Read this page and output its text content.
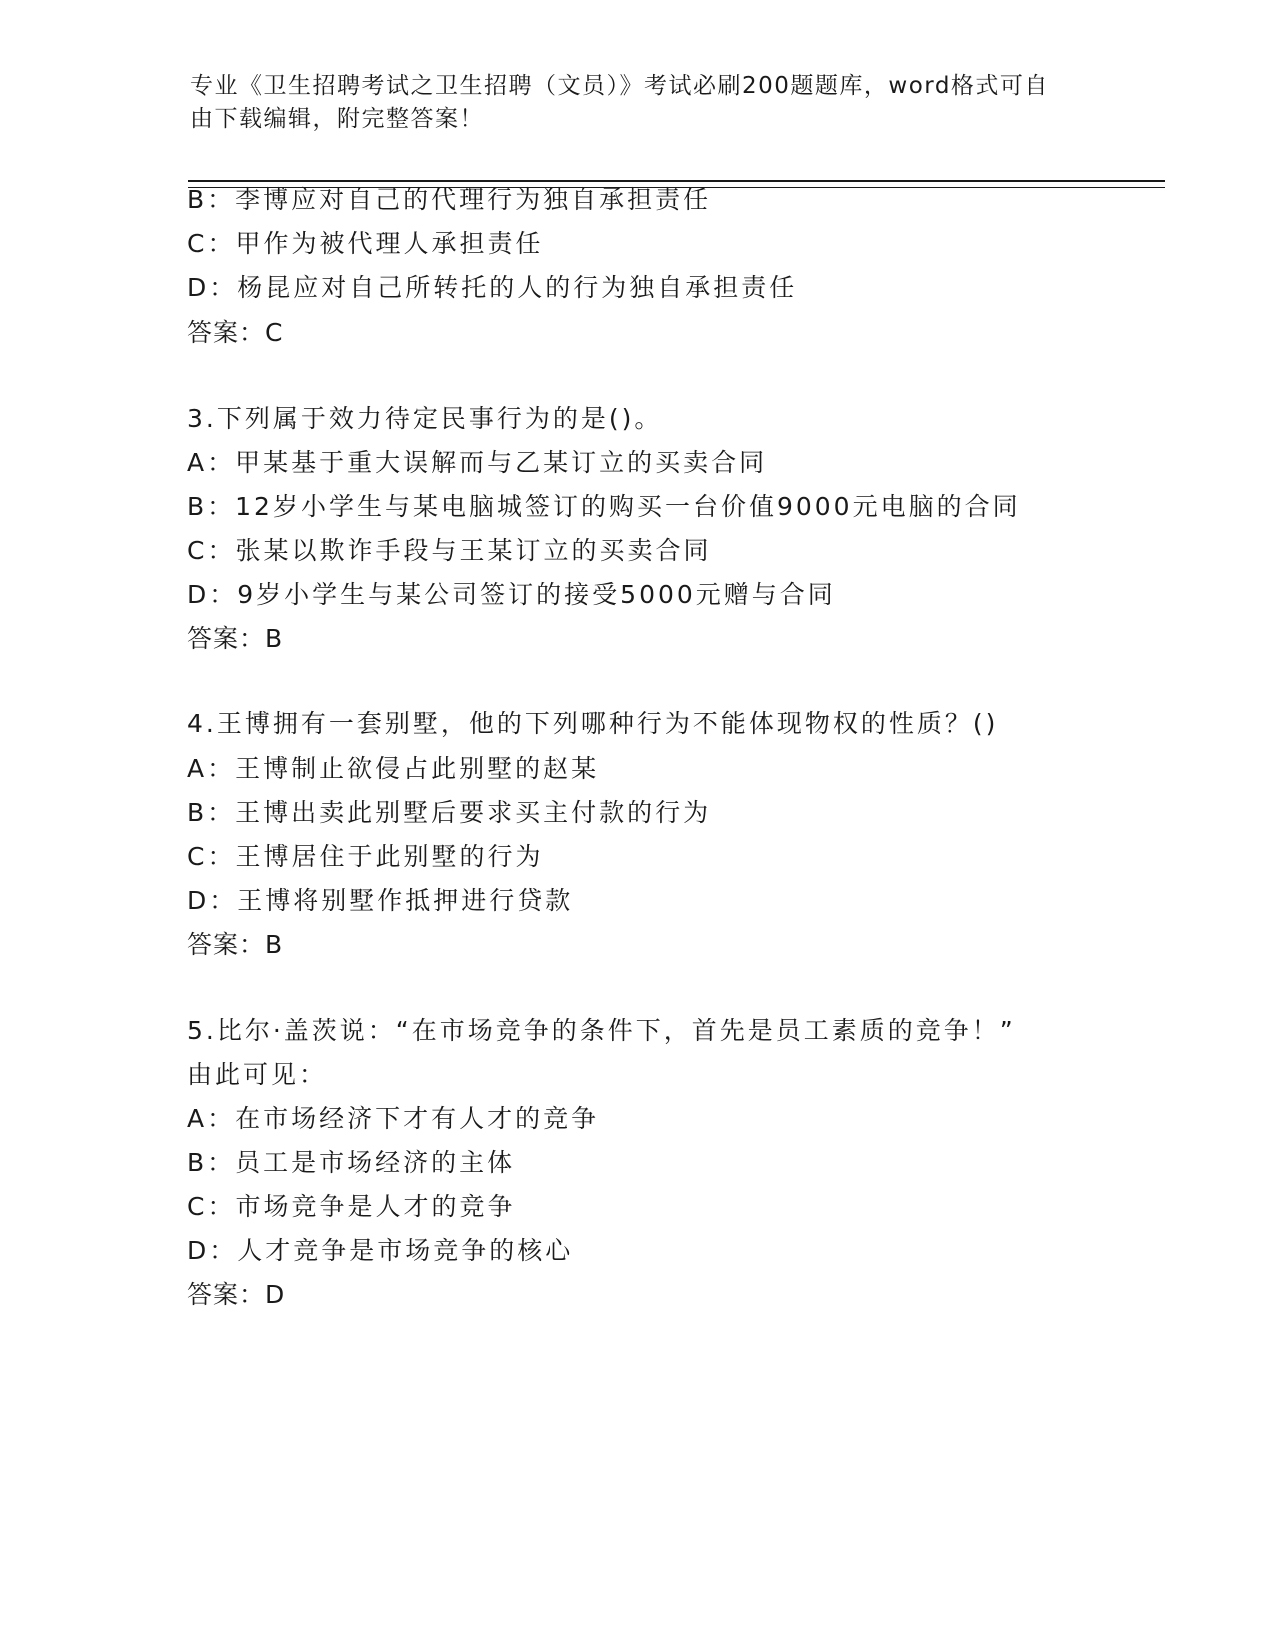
专业《卫生招聘考试之卫生招聘（文员）》考试必刷200题题库，word格式可自
由下载编辑，附完整答案！
B：李博应对自己的代理行为独自承担责任
C：甲作为被代理人承担责任
D：杨昆应对自己所转托的人的行为独自承担责任
答案：C
3.下列属于效力待定民事行为的是()。
A：甲某基于重大误解而与乙某订立的买卖合同
B：12岁小学生与某电脑城签订的购买一台价值9000元电脑的合同
C：张某以欺诈手段与王某订立的买卖合同
D：9岁小学生与某公司签订的接受5000元赠与合同
答案：B
4.王博拥有一套别墅，他的下列哪种行为不能体现物权的性质？()
A：王博制止欲侵占此别墅的赵某
B：王博出卖此别墅后要求买主付款的行为
C：王博居住于此别墅的行为
D：王博将别墅作抵押进行贷款
答案：B
5.比尔·盖茨说：“在市场竞争的条件下，首先是员工素质的竞争！”
由此可见：
A：在市场经济下才有人才的竞争
B：员工是市场经济的主体
C：市场竞争是人才的竞争
D：人才竞争是市场竞争的核心
答案：D
